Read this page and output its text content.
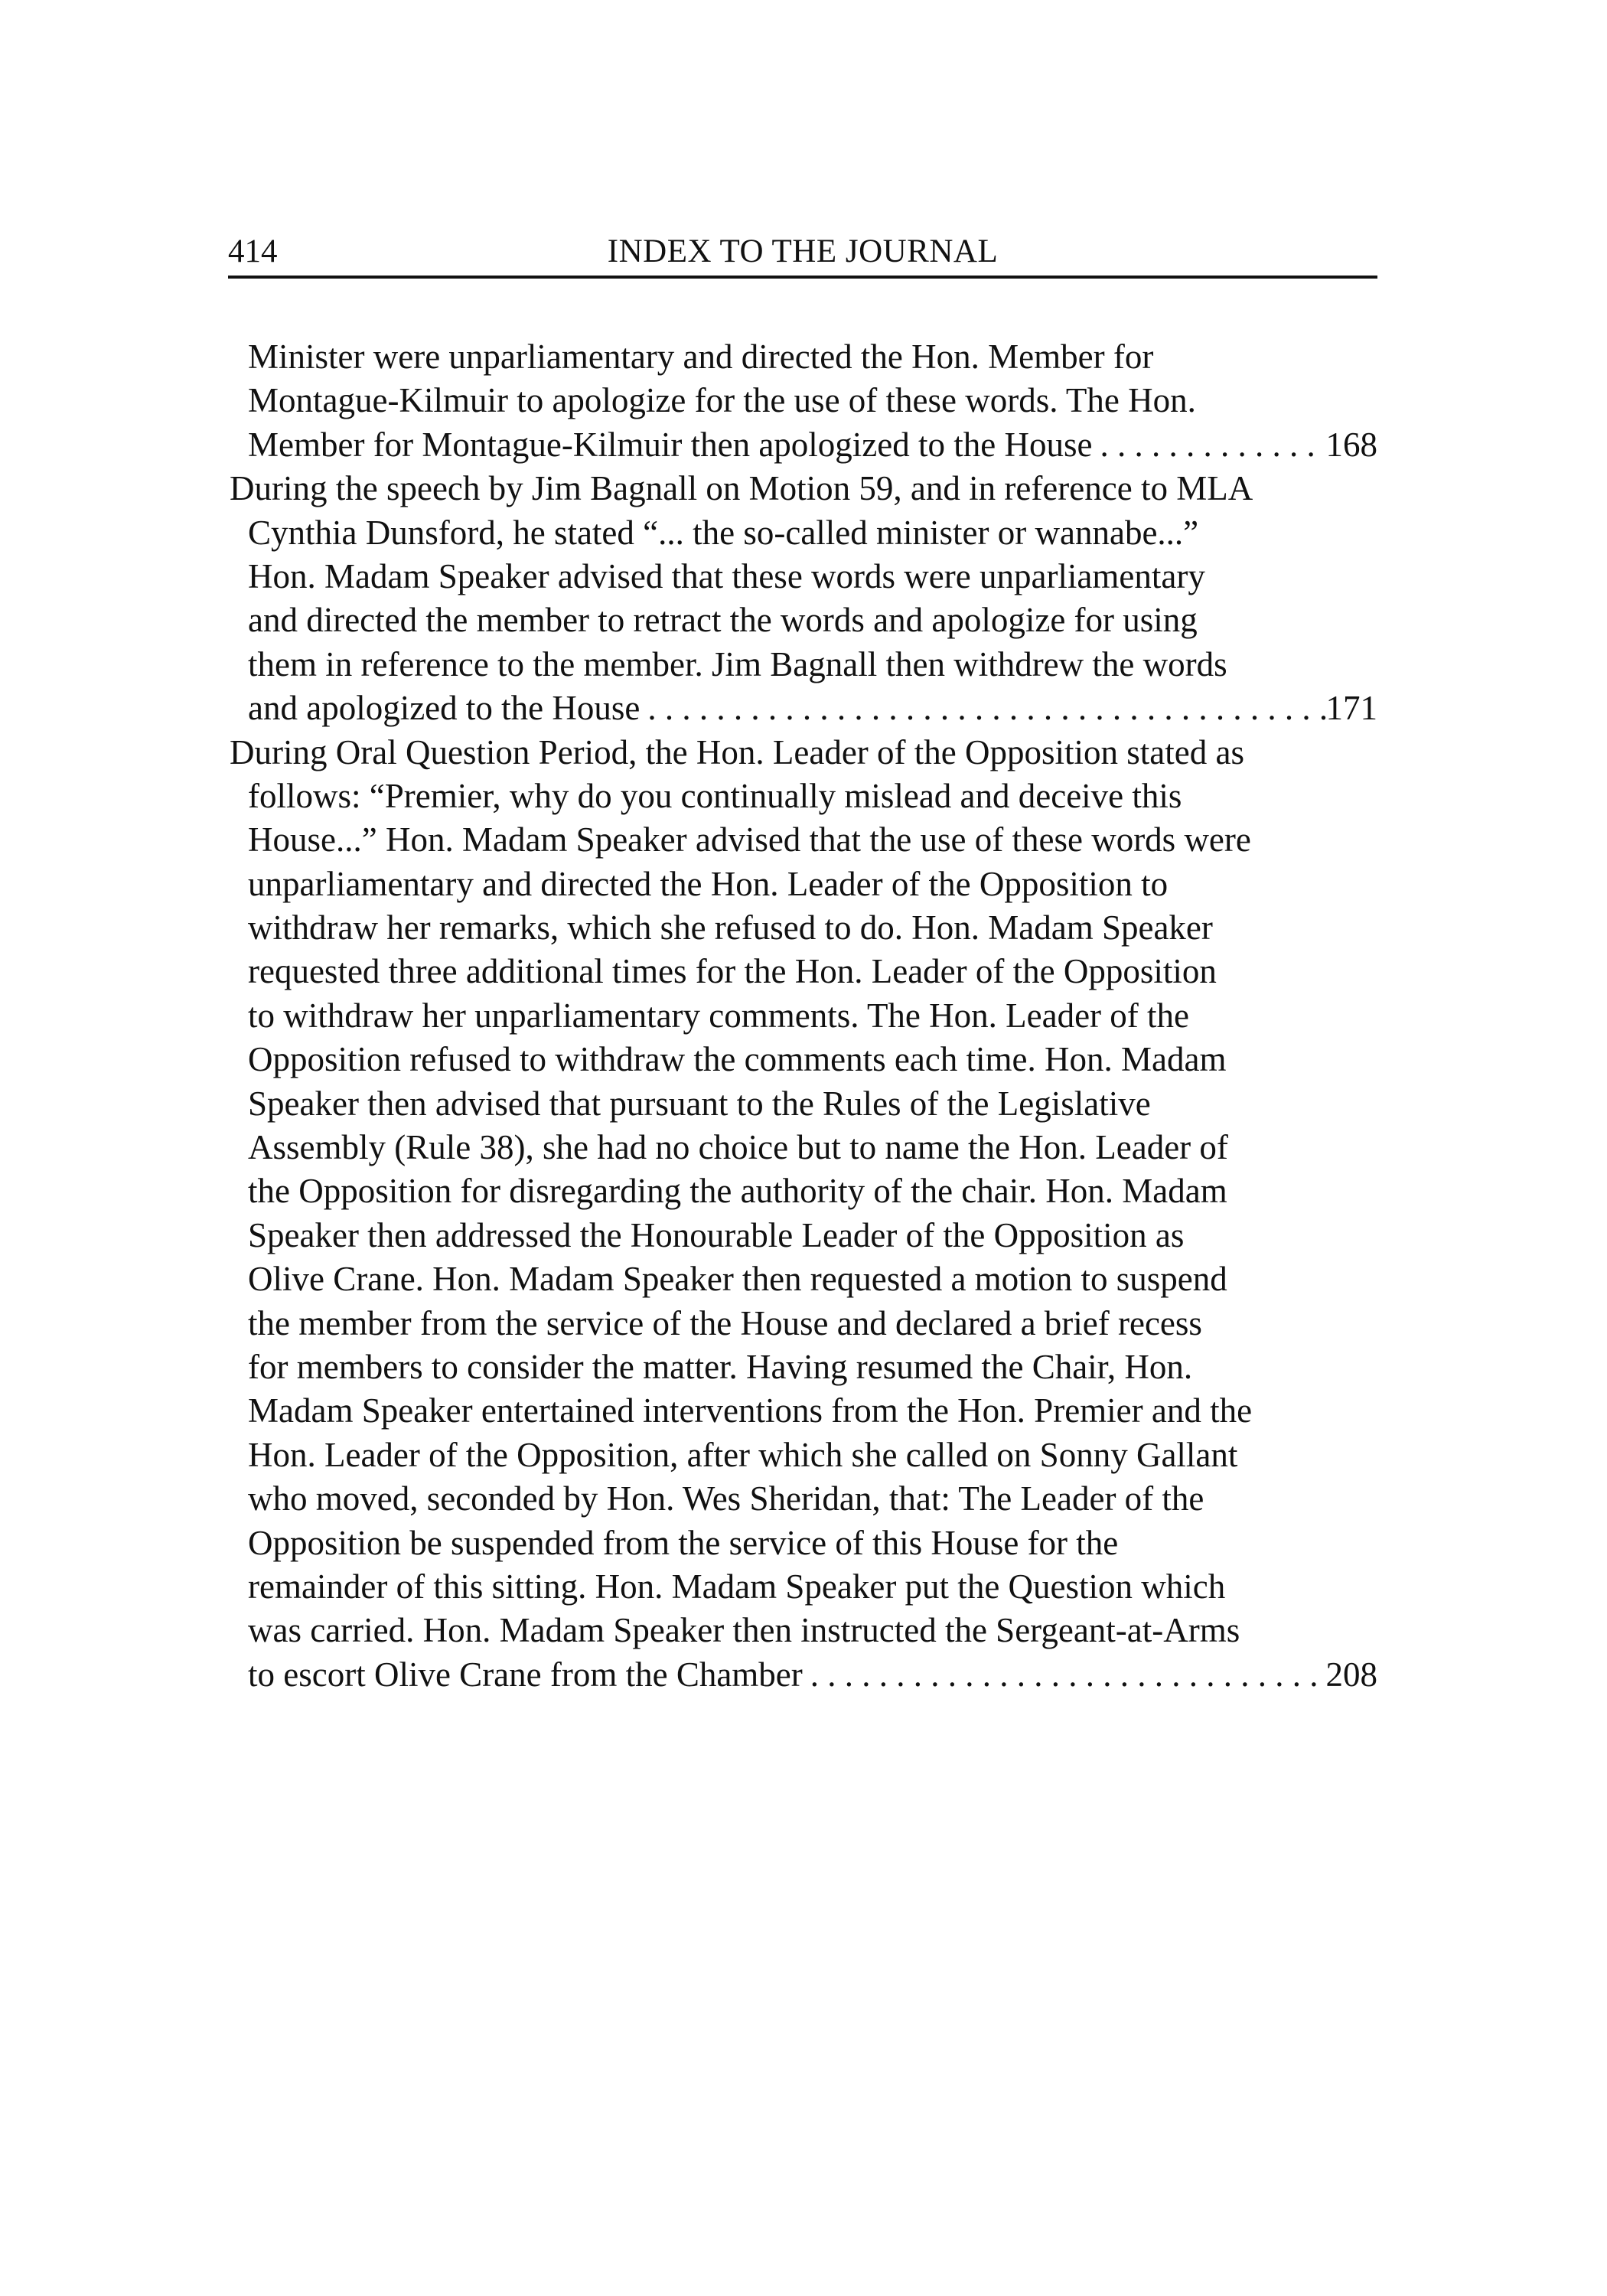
414	INDEX TO THE JOURNAL
Minister were unparliamentary and directed the Hon. Member for
Montague-Kilmuir to apologize for the use of these words. The Hon.
Member for Montague-Kilmuir then apologized to the House . . .	168
During the speech by Jim Bagnall on Motion 59, and in reference to MLA
Cynthia Dunsford, he stated “... the so-called minister or wannabe...”
Hon. Madam Speaker advised that these words were unparliamentary
and directed the member to retract the words and apologize for using
them in reference to the member. Jim Bagnall then withdrew the words
and apologized to the House . . .	171
During Oral Question Period, the Hon. Leader of the Opposition stated as
follows: “Premier, why do you continually mislead and deceive this
House...” Hon. Madam Speaker advised that the use of these words were
unparliamentary and directed the Hon. Leader of the Opposition to
withdraw her remarks, which she refused to do. Hon. Madam Speaker
requested three additional times for the Hon. Leader of the Opposition
to withdraw her unparliamentary comments. The Hon. Leader of the
Opposition refused to withdraw the comments each time. Hon. Madam
Speaker then advised that pursuant to the Rules of the Legislative
Assembly (Rule 38), she had no choice but to name the Hon. Leader of
the Opposition for disregarding the authority of the chair. Hon. Madam
Speaker then addressed the Honourable Leader of the Opposition as
Olive Crane. Hon. Madam Speaker then requested a motion to suspend
the member from the service of the House and declared a brief recess
for members to consider the matter. Having resumed the Chair, Hon.
Madam Speaker entertained interventions from the Hon. Premier and the
Hon. Leader of the Opposition, after which she called on Sonny Gallant
who moved, seconded by Hon. Wes Sheridan, that: The Leader of the
Opposition be suspended from the service of this House for the
remainder of this sitting. Hon. Madam Speaker put the Question which
was carried. Hon. Madam Speaker then instructed the Sergeant-at-Arms
to escort Olive Crane from the Chamber . . .	208
